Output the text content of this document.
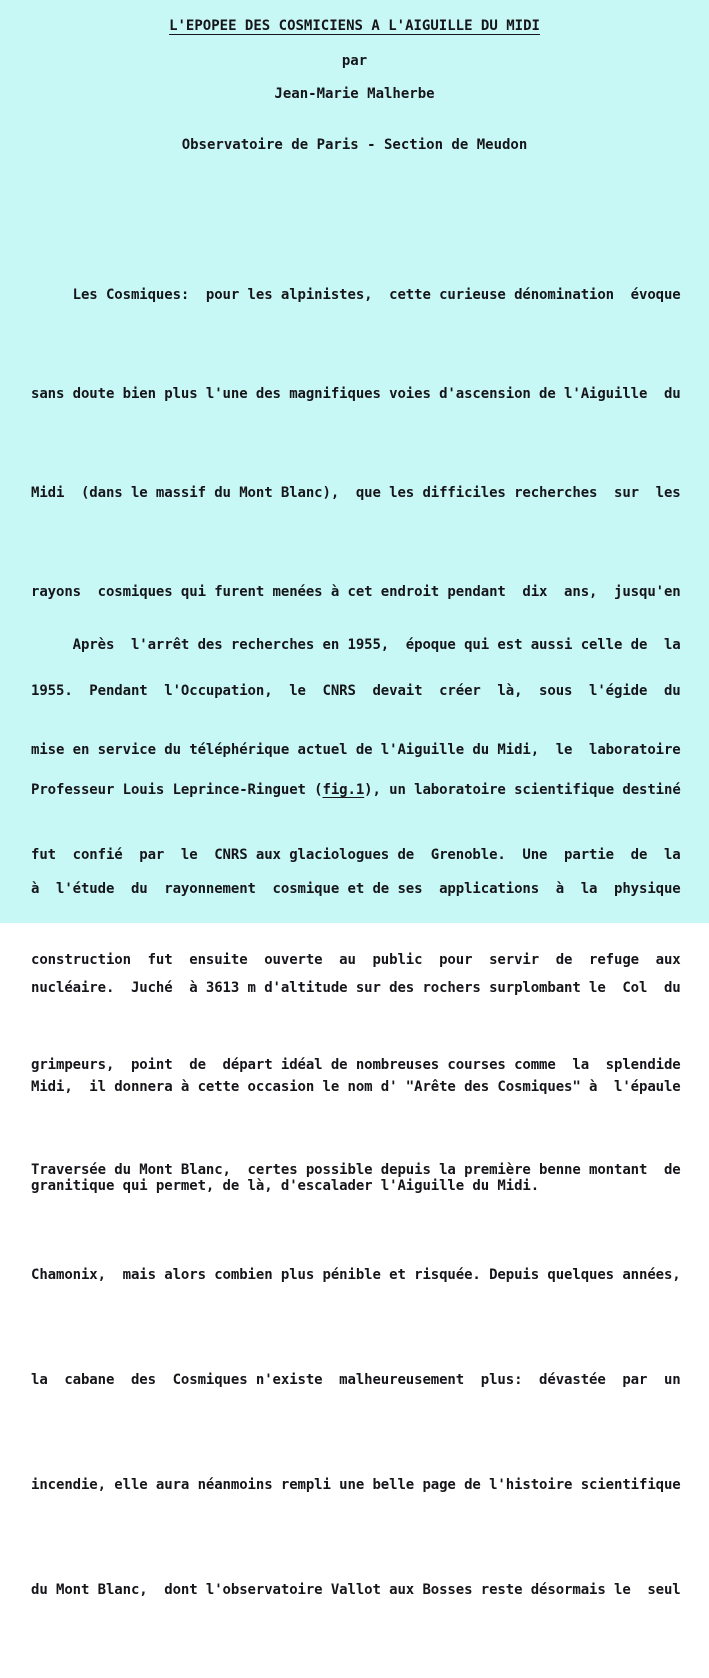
L'EPOPEE DES COSMICIENS A L'AIGUILLE DU MIDI
par
Jean-Marie Malherbe
Observatoire de Paris - Section de Meudon

Les Cosmiques:  pour les alpinistes,  cette curieuse dénomination  évoque

sans doute bien plus l'une des magnifiques voies d'ascension de l'Aiguille  du

Midi  (dans le massif du Mont Blanc),  que les difficiles recherches  sur  les

rayons  cosmiques qui furent menées à cet endroit pendant  dix  ans,  jusqu'en

1955.  Pendant  l'Occupation,  le  CNRS  devait  créer  là,  sous  l'égide  du

Professeur Louis Leprince-Ringuet (fig.1), un laboratoire scientifique destiné

à  l'étude  du  rayonnement  cosmique et de ses  applications  à  la  physique

nucléaire.  Juché  à 3613 m d'altitude sur des rochers surplombant le  Col  du

Midi,  il donnera à cette occasion le nom d' "Arête des Cosmiques" à  l'épaule

granitique qui permet, de là, d'escalader l'Aiguille du Midi.

Après  l'arrêt des recherches en 1955,  époque qui est aussi celle de  la

mise en service du téléphérique actuel de l'Aiguille du Midi,  le  laboratoire

fut  confié  par  le  CNRS aux glaciologues de  Grenoble.  Une  partie  de  la

construction  fut  ensuite  ouverte  au  public  pour  servir  de  refuge  aux

grimpeurs,  point  de  départ idéal de nombreuses courses comme  la  splendide

Traversée du Mont Blanc,  certes possible depuis la première benne montant  de

Chamonix,  mais alors combien plus pénible et risquée. Depuis quelques années,

la  cabane  des  Cosmiques n'existe  malheureusement  plus:  dévastée  par  un

incendie, elle aura néanmoins rempli une belle page de l'histoire scientifique

du Mont Blanc,  dont l'observatoire Vallot aux Bosses reste désormais le  seul
